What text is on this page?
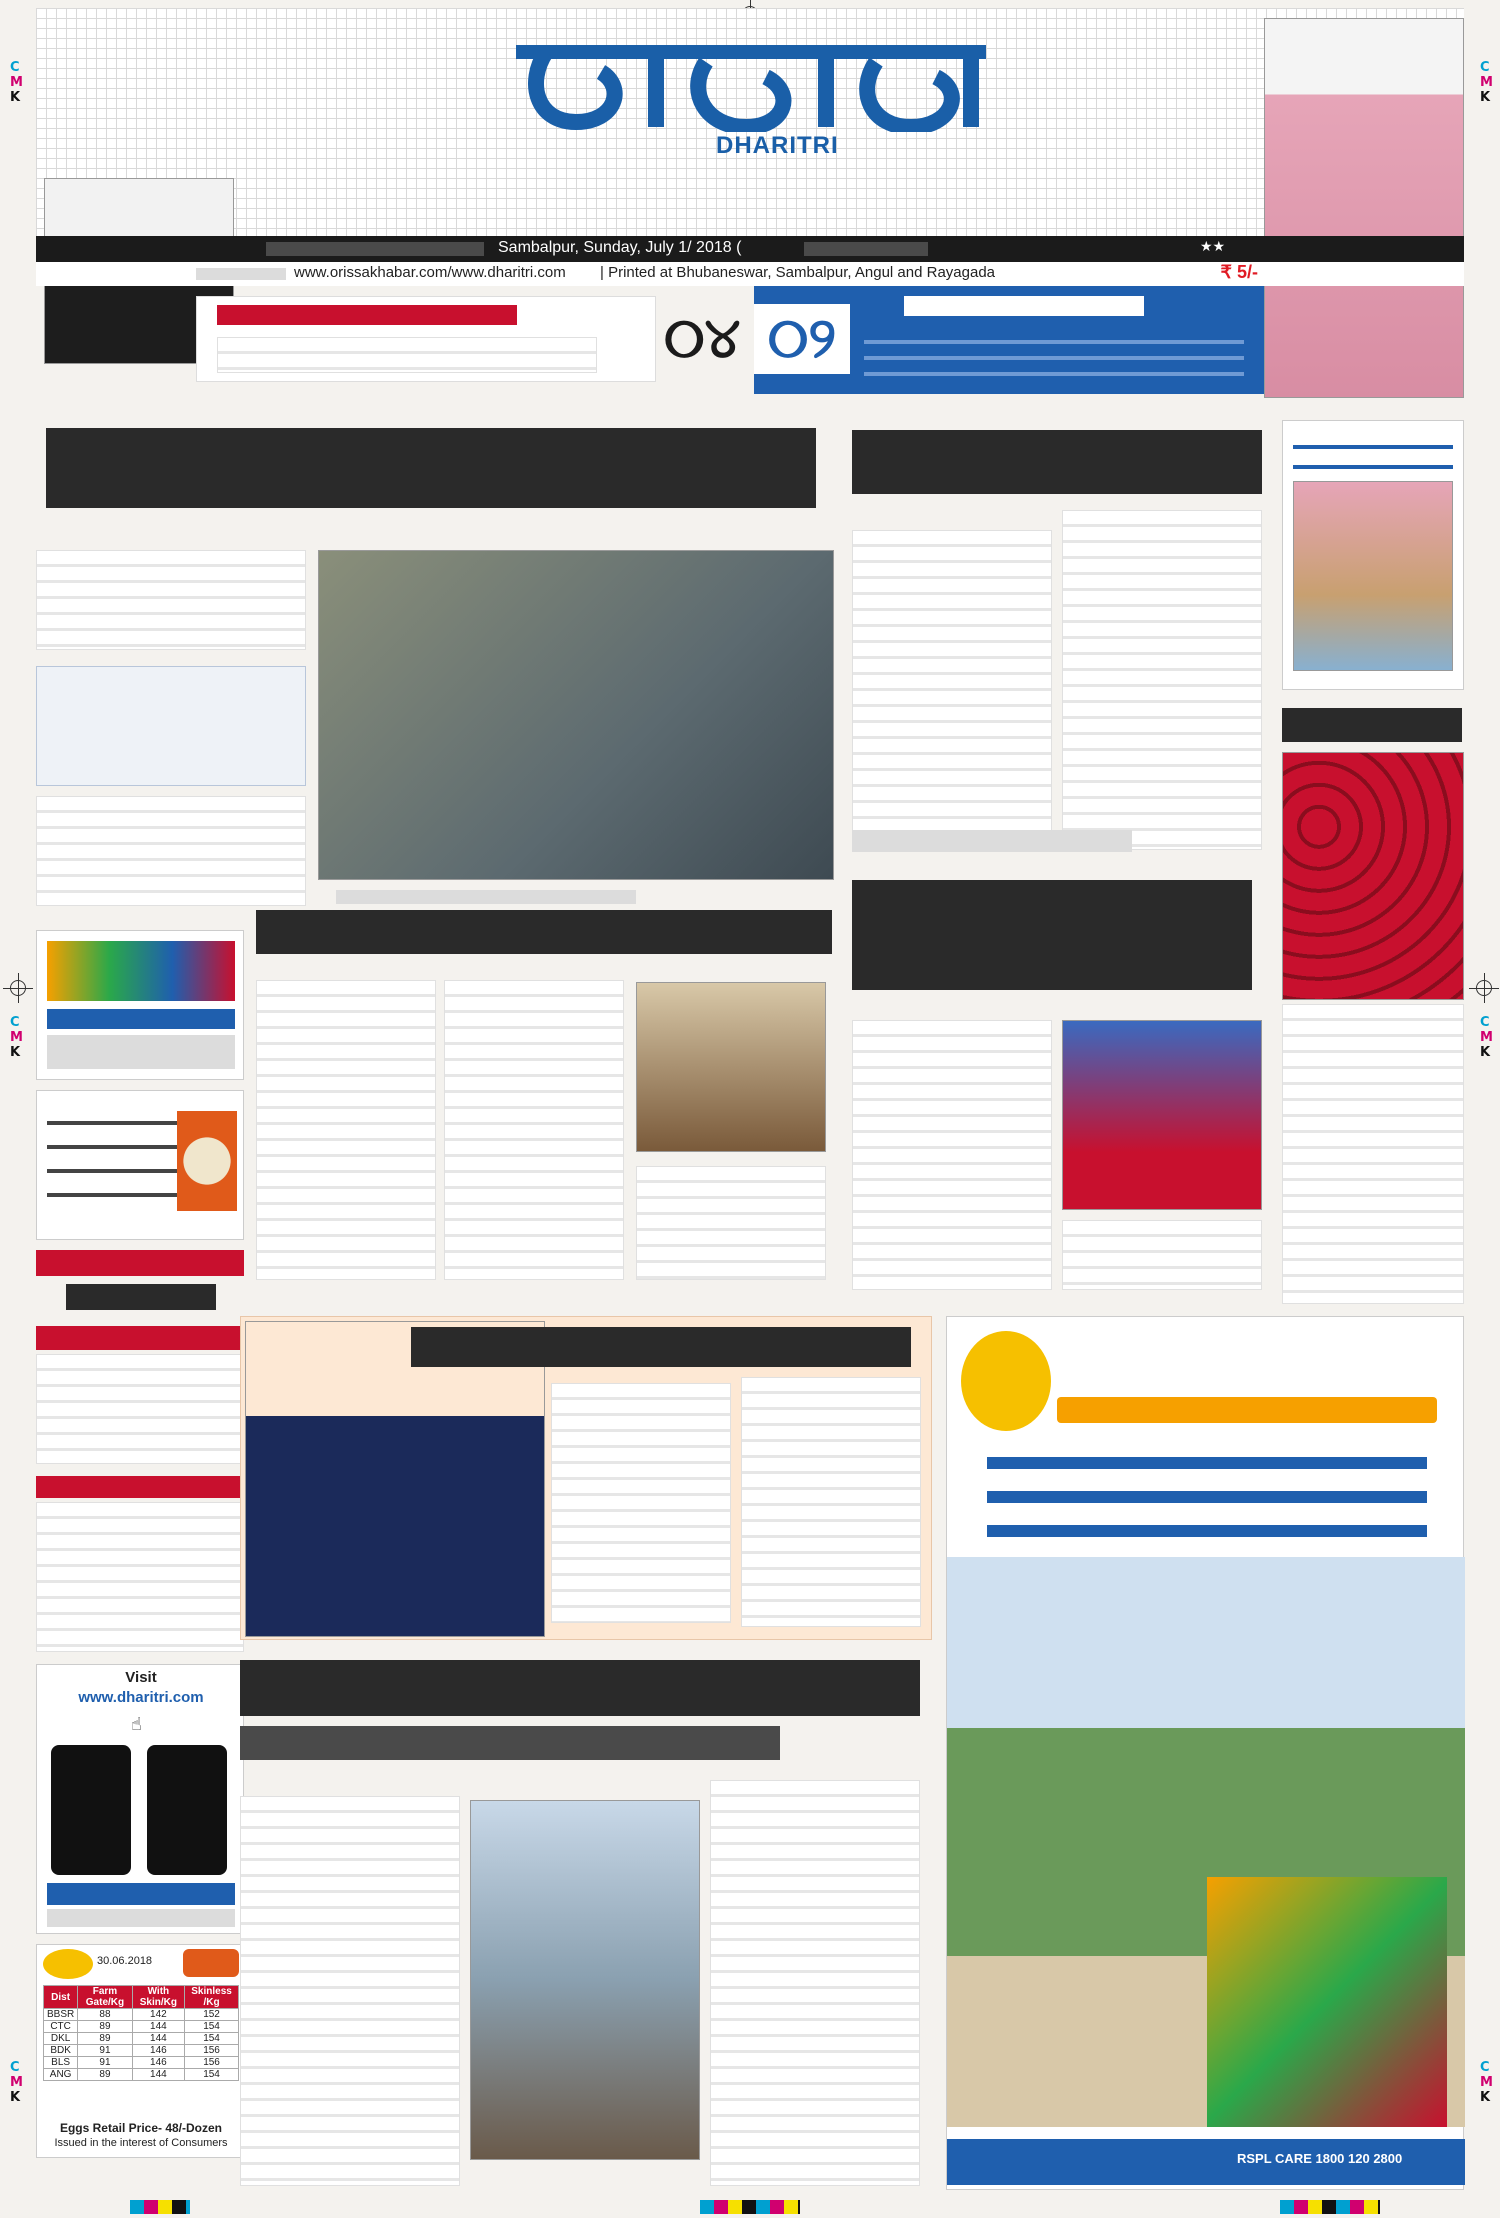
C
M
K
C
M
K
C
M
K
C
M
K
C
M
K
C
M
K
DHARITRI
Sambalpur, Sunday, July 1/ 2018 (	★★
www.orissakhabar.com/www.dharitri.com	| Printed at Bhubaneswar, Sambalpur, Angul and Rayagada	₹ 5/-
୦୪ ୦୨
Visit
www.dharitri.com
☝
30.06.2018
Dist	Farm Gate/Kg	With Skin/Kg	Skinless /Kg
BBSR	88	142	152
CTC	89	144	154
DKL	89	144	154
BDK	91	146	156
BLS	91	146	156
ANG	89	144	154
Eggs Retail Price- 48/-Dozen
Issued in the interest of Consumers
RSPL CARE 1800 120 2800
